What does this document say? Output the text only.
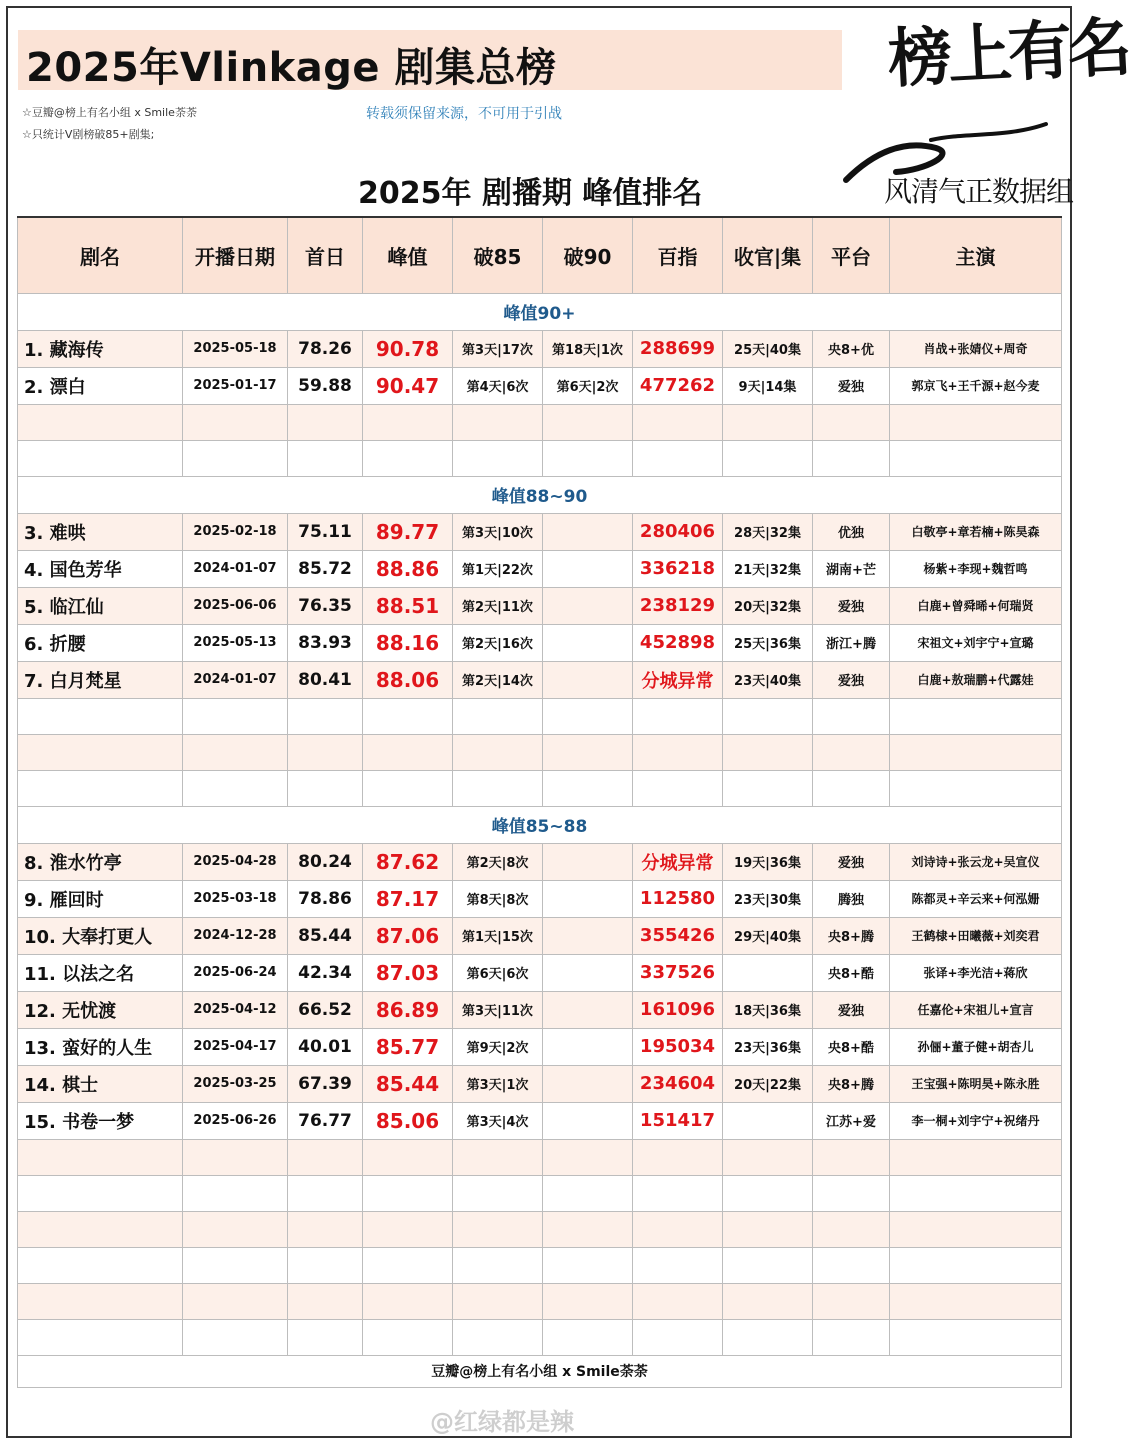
2025年Vlinkage 剧集总榜
☆豆瓣@榜上有名小组 x Smile荼荼
☆只统计V剧榜破85+剧集;
转载须保留来源，不可用于引战
榜上有名
风清气正数据组
2025年 剧播期 峰值排名
剧名	开播日期	首日	峰值	破85	破90	百指	收官|集	平台	主演
峰值90+									
1. 藏海传	2025-05-18	78.26	90.78	第3天|17次	第18天|1次	288699	25天|40集	央8+优	肖战+张婧仪+周奇
2. 漂白	2025-01-17	59.88	90.47	第4天|6次	第6天|2次	477262	9天|14集	爱独	郭京飞+王千源+赵今麦

峰值88~90									
3. 难哄	2025-02-18	75.11	89.77	第3天|10次		280406	28天|32集	优独	白敬亭+章若楠+陈昊森
4. 国色芳华	2024-01-07	85.72	88.86	第1天|22次		336218	21天|32集	湖南+芒	杨紫+李现+魏哲鸣
5. 临江仙	2025-06-06	76.35	88.51	第2天|11次		238129	20天|32集	爱独	白鹿+曾舜晞+何瑞贤
6. 折腰	2025-05-13	83.93	88.16	第2天|16次		452898	25天|36集	浙江+腾	宋祖文+刘宇宁+宣璐
7. 白月梵星	2024-01-07	80.41	88.06	第2天|14次		分城异常	23天|40集	爱独	白鹿+敖瑞鹏+代露娃

峰值85~88									
8. 淮水竹亭	2025-04-28	80.24	87.62	第2天|8次		分城异常	19天|36集	爱独	刘诗诗+张云龙+吴宣仪
9. 雁回时	2025-03-18	78.86	87.17	第8天|8次		112580	23天|30集	腾独	陈都灵+辛云来+何泓姗
10. 大奉打更人	2024-12-28	85.44	87.06	第1天|15次		355426	29天|40集	央8+腾	王鹤棣+田曦薇+刘奕君
11. 以法之名	2025-06-24	42.34	87.03	第6天|6次		337526		央8+酷	张译+李光洁+蒋欣
12. 无忧渡	2025-04-12	66.52	86.89	第3天|11次		161096	18天|36集	爱独	任嘉伦+宋祖儿+宣言
13. 蛮好的人生	2025-04-17	40.01	85.77	第9天|2次		195034	23天|36集	央8+酷	孙俪+董子健+胡杏儿
14. 棋士	2025-03-25	67.39	85.44	第3天|1次		234604	20天|22集	央8+腾	王宝强+陈明昊+陈永胜
15. 书卷一梦	2025-06-26	76.77	85.06	第3天|4次		151417		江苏+爱	李一桐+刘宇宁+祝绪丹

豆瓣@榜上有名小组 x Smile荼荼									
@红绿都是辣
